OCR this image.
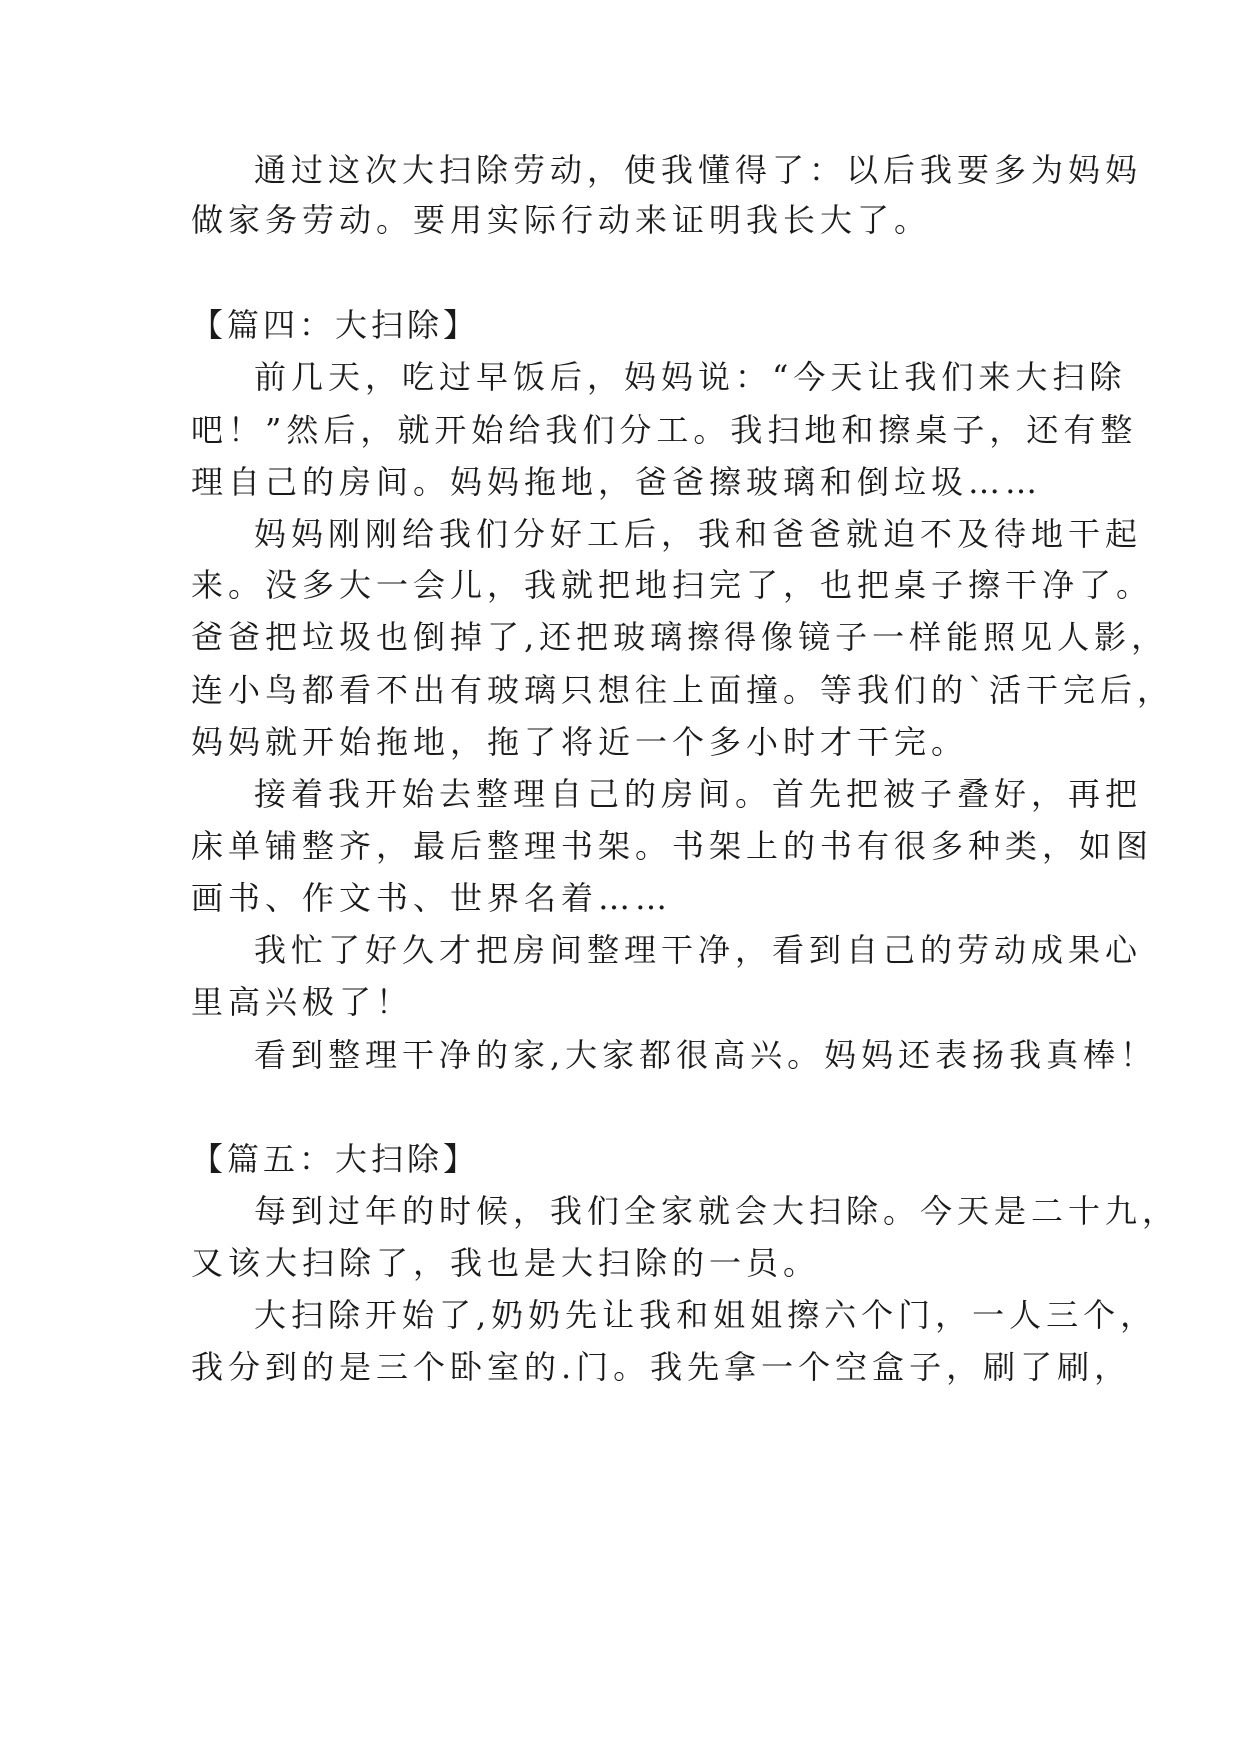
通过这次大扫除劳动，使我懂得了：以后我要多为妈妈

做家务劳动。要用实际行动来证明我长大了。

【篇四：大扫除】

前几天，吃过早饭后，妈妈说：“今天让我们来大扫除

吧！”然后，就开始给我们分工。我扫地和擦桌子，还有整

理自己的房间。妈妈拖地，爸爸擦玻璃和倒垃圾……

妈妈刚刚给我们分好工后，我和爸爸就迫不及待地干起

来。没多大一会儿，我就把地扫完了，也把桌子擦干净了。

爸爸把垃圾也倒掉了,还把玻璃擦得像镜子一样能照见人影，

连小鸟都看不出有玻璃只想往上面撞。等我们的`活干完后，

妈妈就开始拖地，拖了将近一个多小时才干完。

接着我开始去整理自己的房间。首先把被子叠好，再把

床单铺整齐，最后整理书架。书架上的书有很多种类，如图

画书、作文书、世界名着……

我忙了好久才把房间整理干净，看到自己的劳动成果心

里高兴极了！

看到整理干净的家,大家都很高兴。妈妈还表扬我真棒！

【篇五：大扫除】

每到过年的时候，我们全家就会大扫除。今天是二十九，

又该大扫除了，我也是大扫除的一员。

大扫除开始了,奶奶先让我和姐姐擦六个门，一人三个，

我分到的是三个卧室的.门。我先拿一个空盒子，刷了刷，
